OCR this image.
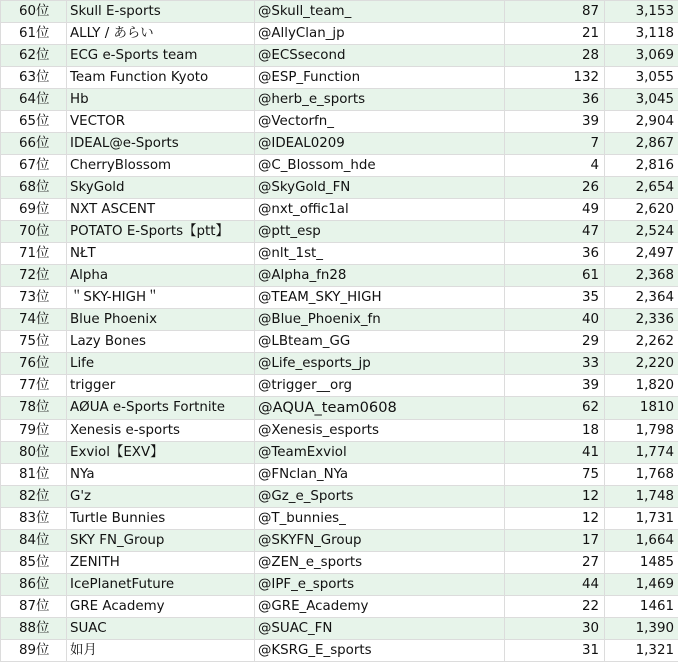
60位	Skull E-sports	@Skull_team_	87	3,153
61位	ALLY / あらい	@AllyClan_jp	21	3,118
62位	ECG e-Sports team	@ECSsecond	28	3,069
63位	Team Function Kyoto	@ESP_Function	132	3,055
64位	Hb	@herb_e_sports	36	3,045
65位	VECTOR	@Vectorfn_	39	2,904
66位	IDEAL@e-Sports	@IDEAL0209	7	2,867
67位	CherryBlossom	@C_Blossom_hde	4	2,816
68位	SkyGold	@SkyGold_FN	26	2,654
69位	NXT ASCENT	@nxt_offic1al	49	2,620
70位	POTATO E-Sports【ptt】	@ptt_esp	47	2,524
71位	NŁT	@nlt_1st_	36	2,497
72位	Alpha	@Alpha_fn28	61	2,368
73位	＂SKY-HIGH＂	@TEAM_SKY_HIGH	35	2,364
74位	Blue Phoenix	@Blue_Phoenix_fn	40	2,336
75位	Lazy Bones	@LBteam_GG	29	2,262
76位	Life	@Life_esports_jp	33	2,220
77位	trigger	@trigger__org	39	1,820
78位	AØUA e-Sports Fortnite	@AQUA_team0608	62	1810
79位	Xenesis e-sports	@Xenesis_esports	18	1,798
80位	Exviol【EXV】	@TeamExviol	41	1,774
81位	NYa	@FNclan_NYa	75	1,768
82位	G'z	@Gz_e_Sports	12	1,748
83位	Turtle Bunnies	@T_bunnies_	12	1,731
84位	SKY FN_Group	@SKYFN_Group	17	1,664
85位	ZENITH	@ZEN_e_sports	27	1485
86位	IcePlanetFuture	@IPF_e_sports	44	1,469
87位	GRE Academy	@GRE_Academy	22	1461
88位	SUAC	@SUAC_FN	30	1,390
89位	如月	@KSRG_E_sports	31	1,321
